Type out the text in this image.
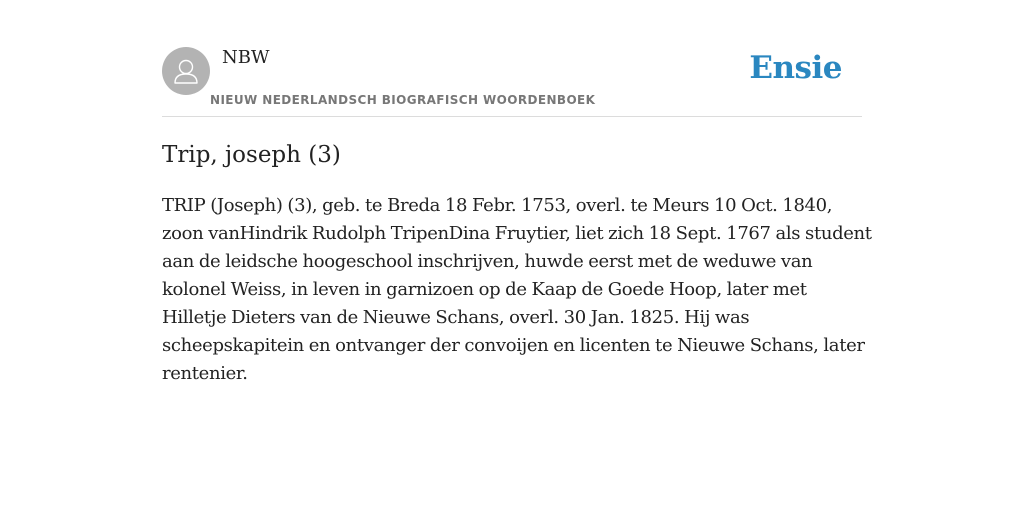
NBW
NIEUW NEDERLANDSCH BIOGRAFISCH WOORDENBOEK
Ensie
Trip, joseph (3)

TRIP (Joseph) (3), geb. te Breda 18 Febr. 1753, overl. te Meurs 10 Oct. 1840, zoon vanHindrik Rudolph TripenDina Fruytier, liet zich 18 Sept. 1767 als student aan de leidsche hoogeschool inschrijven, huwde eerst met de weduwe van kolonel Weiss, in leven in garnizoen op de Kaap de Goede Hoop, later met Hilletje Dieters van de Nieuwe Schans, overl. 30 Jan. 1825. Hij was scheepskapitein en ontvanger der convoijen en licenten te Nieuwe Schans, later rentenier.
